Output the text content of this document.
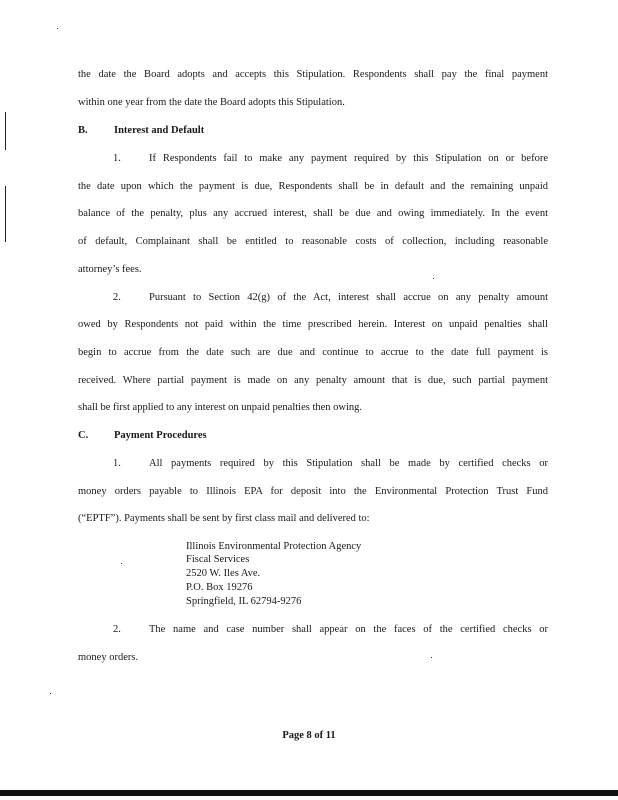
the date the Board adopts and accepts this Stipulation. Respondents shall pay the final payment
within one year from the date the Board adopts this Stipulation.
B.	Interest and Default
1.	If Respondents fail to make any payment required by this Stipulation on or before
the date upon which the payment is due, Respondents shall be in default and the remaining unpaid
balance of the penalty, plus any accrued interest, shall be due and owing immediately. In the event
of default, Complainant shall be entitled to reasonable costs of collection, including reasonable
attorney’s fees.
2.	Pursuant to Section 42(g) of the Act, interest shall accrue on any penalty amount
owed by Respondents not paid within the time prescribed herein. Interest on unpaid penalties shall
begin to accrue from the date such are due and continue to accrue to the date full payment is
received. Where partial payment is made on any penalty amount that is due, such partial payment
shall be first applied to any interest on unpaid penalties then owing.
C. Payment Procedures
1.	All payments required by this Stipulation shall be made by certified checks or
money orders payable to Illinois EPA for deposit into the Environmental Protection Trust Fund
(“EPTF”). Payments shall be sent by first class mail and delivered to:
Illinois Environmental Protection Agency
Fiscal Services
2520 W. Iles Ave.
P.O. Box 19276
Springfield, IL 62794-9276
2.	The name and case number shall appear on the faces of the certified checks or
money orders.
Page 8 of 11
